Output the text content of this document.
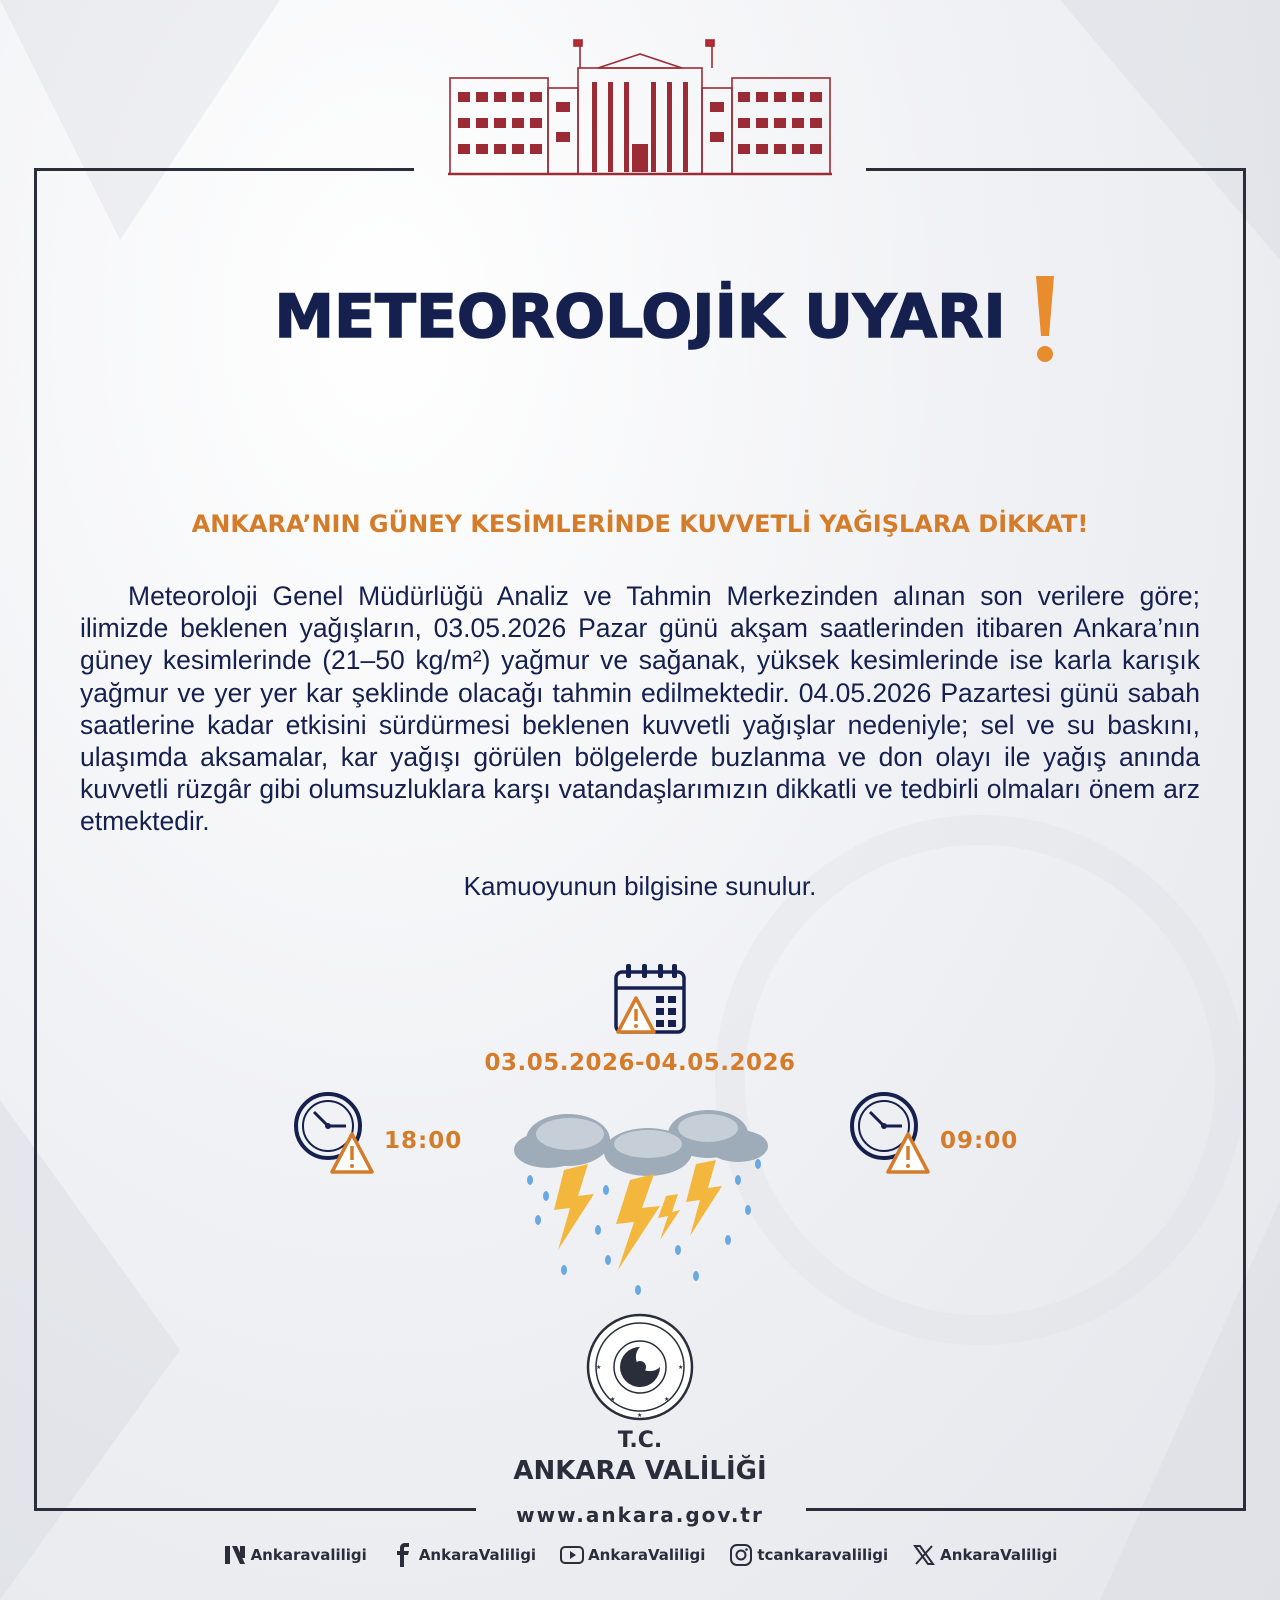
METEOROLOJİK UYARI
ANKARA’NIN GÜNEY KESİMLERİNDE KUVVETLİ YAĞIŞLARA DİKKAT!
Meteoroloji Genel Müdürlüğü Analiz ve Tahmin Merkezinden alınan son verilere göre; ilimizde beklenen yağışların, 03.05.2026 Pazar günü akşam saatlerinden itibaren Ankara’nın güney kesimlerinde (21–50 kg/m²) yağmur ve sağanak, yüksek kesimlerinde ise karla karışık yağmur ve yer yer kar şeklinde olacağı tahmin edilmektedir. 04.05.2026 Pazartesi günü sabah saatlerine kadar etkisini sürdürmesi beklenen kuvvetli yağışlar nedeniyle; sel ve su baskını, ulaşımda aksamalar, kar yağışı görülen bölgelerde buzlanma ve don olayı ile yağış anında kuvvetli rüzgâr gibi olumsuzluklara karşı vatandaşlarımızın dikkatli ve tedbirli olmaları önem arz etmektedir.
Kamuoyunun bilgisine sunulur.
03.05.2026-04.05.2026
18:00	09:00
★	★
★	★
★
T.C.
ANKARA VALİLİĞİ
www.ankara.gov.tr
Ankaravaliligi	AnkaraValiligi	AnkaraValiligi	tcankaravaliligi	AnkaraValiligi
